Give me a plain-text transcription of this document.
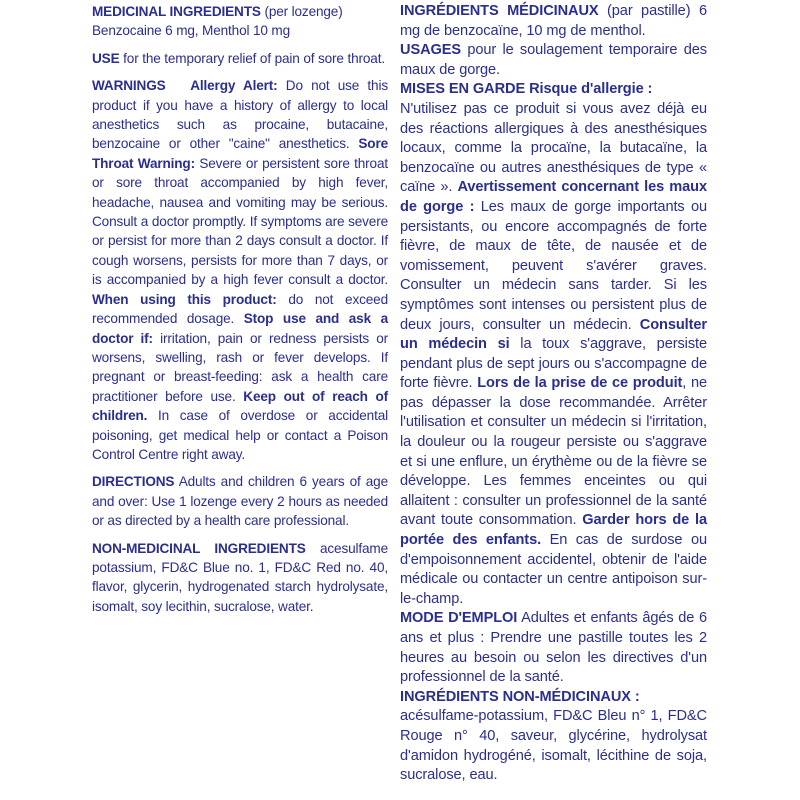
MEDICINAL INGREDIENTS (per lozenge)
Benzocaine 6 mg, Menthol 10 mg

USE for the temporary relief of pain of sore throat.

WARNINGS Allergy Alert: Do not use this product if you have a history of allergy to local anesthetics such as procaine, butacaine, benzocaine or other "caine" anesthetics. Sore Throat Warning: Severe or persistent sore throat or sore throat accompanied by high fever, headache, nausea and vomiting may be serious. Consult a doctor promptly. If symptoms are severe or persist for more than 2 days consult a doctor. If cough worsens, persists for more than 7 days, or is accompanied by a high fever consult a doctor. When using this product: do not exceed recommended dosage. Stop use and ask a doctor if: irritation, pain or redness persists or worsens, swelling, rash or fever develops. If pregnant or breast-feeding: ask a health care practitioner before use. Keep out of reach of children. In case of overdose or accidental poisoning, get medical help or contact a Poison Control Centre right away.

DIRECTIONS Adults and children 6 years of age and over: Use 1 lozenge every 2 hours as needed or as directed by a health care professional.

NON-MEDICINAL INGREDIENTS acesulfame potassium, FD&C Blue no. 1, FD&C Red no. 40, flavor, glycerin, hydrogenated starch hydrolysate, isomalt, soy lecithin, sucralose, water.

INGRÉDIENTS MÉDICINAUX (par pastille) 6 mg de benzocaïne, 10 mg de menthol.

USAGES pour le soulagement temporaire des maux de gorge.

MISES EN GARDE Risque d'allergie :
N'utilisez pas ce produit si vous avez déjà eu des réactions allergiques à des anesthésiques locaux, comme la procaïne, la butacaïne, la benzocaïne ou autres anesthésiques de type « caïne ». Avertissement concernant les maux de gorge : Les maux de gorge importants ou persistants, ou encore accompagnés de forte fièvre, de maux de tête, de nausée et de vomissement, peuvent s'avérer graves. Consulter un médecin sans tarder. Si les symptômes sont intenses ou persistent plus de deux jours, consulter un médecin. Consulter un médecin si la toux s'aggrave, persiste pendant plus de sept jours ou s'accompagne de forte fièvre. Lors de la prise de ce produit, ne pas dépasser la dose recommandée. Arrêter l'utilisation et consulter un médecin si l'irritation, la douleur ou la rougeur persiste ou s'aggrave et si une enflure, un érythème ou de la fièvre se développe. Les femmes enceintes ou qui allaitent : consulter un professionnel de la santé avant toute consommation. Garder hors de la portée des enfants. En cas de surdose ou d'empoisonnement accidentel, obtenir de l'aide médicale ou contacter un centre antipoison sur-le-champ.

MODE D'EMPLOI Adultes et enfants âgés de 6 ans et plus : Prendre une pastille toutes les 2 heures au besoin ou selon les directives d'un professionnel de la santé.

INGRÉDIENTS NON-MÉDICINAUX :
acésulfame-potassium, FD&C Bleu n° 1, FD&C Rouge n° 40, saveur, glycérine, hydrolysat d'amidon hydrogéné, isomalt, lécithine de soja, sucralose, eau.
